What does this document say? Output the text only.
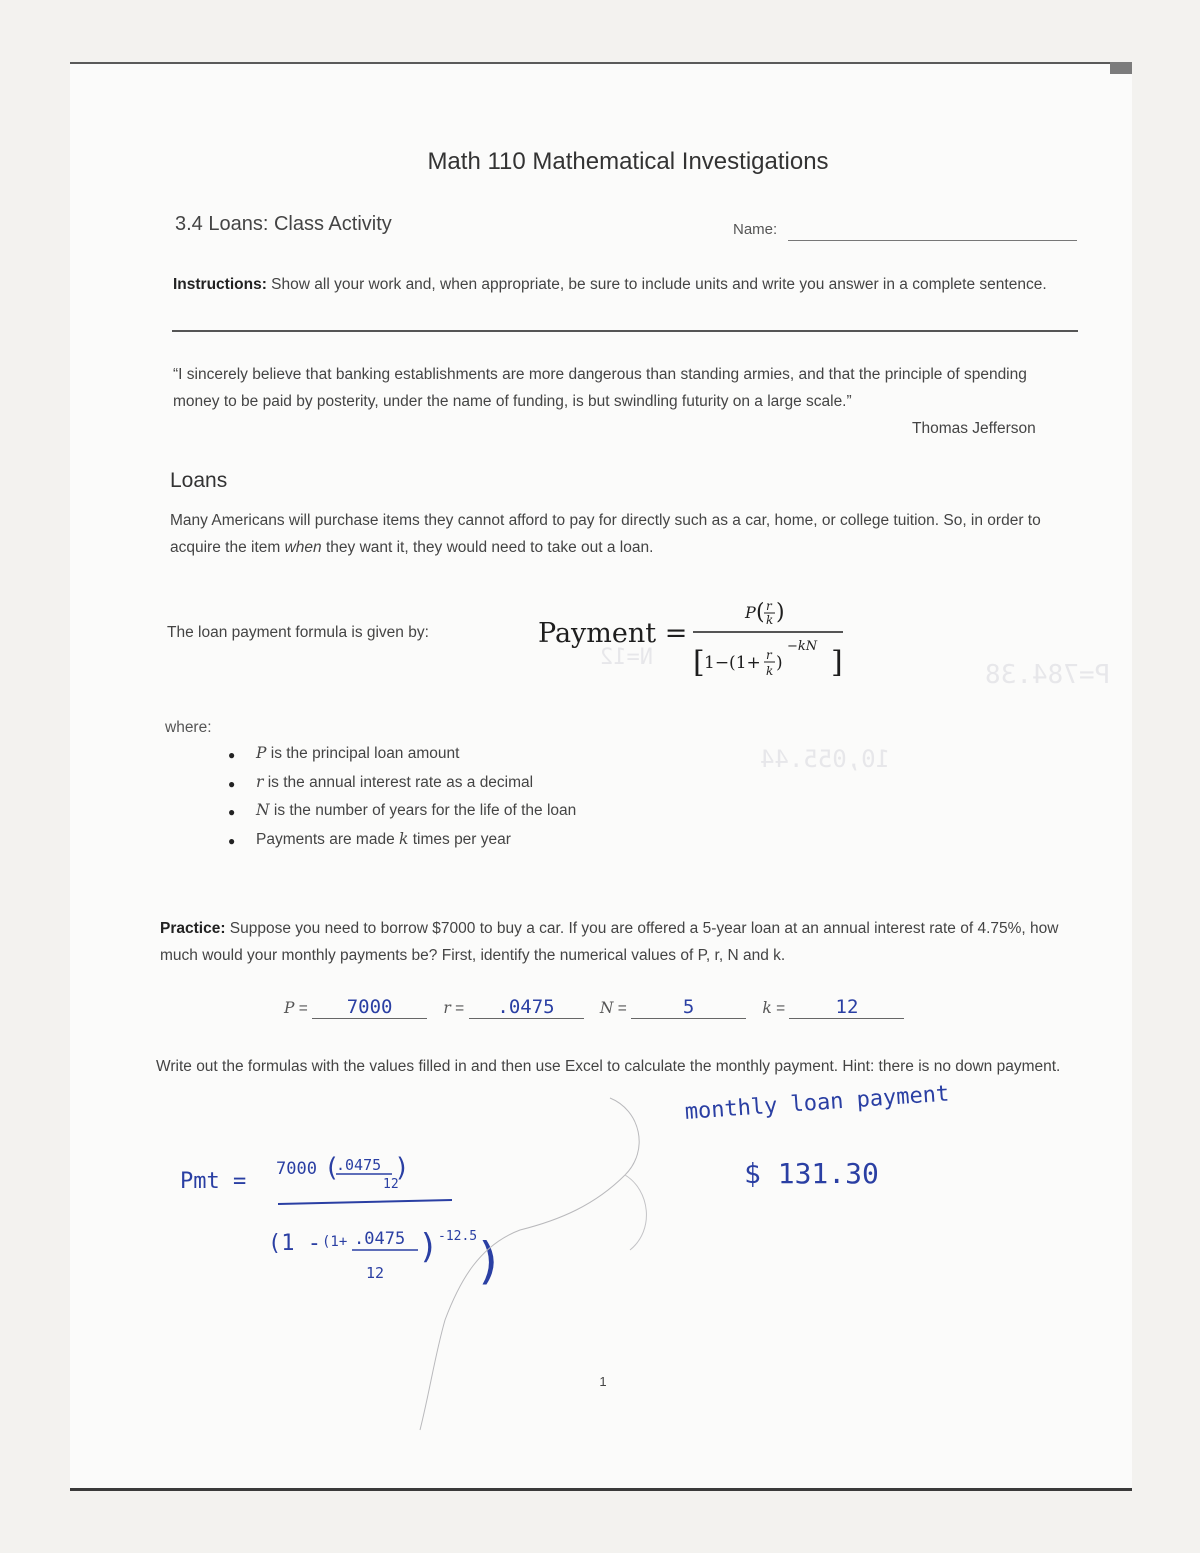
P=784.38
N=12
10,055.44
Math 110 Mathematical Investigations
3.4 Loans: Class Activity	Name:

Instructions: Show all your work and, when appropriate, be sure to include units and write you answer in a complete sentence.

“I sincerely believe that banking establishments are more dangerous than standing armies, and that the principle of spending money to be paid by posterity, under the name of funding, is but swindling futurity on a large scale.”

Thomas Jefferson
Loans

Many Americans will purchase items they cannot afford to pay for directly such as a car, home, or college tuition. So, in order to acquire the item when they want it, they would need to take out a loan.

The loan payment formula is given by:	Payment =
P ( r
k )
[ 1−(1+ r
k )
−kN ]
where:
● P is the principal loan amount
● r is the annual interest rate as a decimal
● N is the number of years for the life of the loan
● Payments are made k times per year

Practice: Suppose you need to borrow $7000 to buy a car. If you are offered a 5-year loan at an annual interest rate of 4.75%, how much would your monthly payments be? First, identify the numerical values of P, r, N and k.

P = 7000	r = .0475	N =	5	k = 12

Write out the formulas with the values filled in and then use Excel to calculate the monthly payment. Hint: there is no down payment.

Pmt = 7000 (
.0475
12
)
(1 - (1+ .0475
12
) -12.5
)
monthly loan payment
$ 131.30
1
